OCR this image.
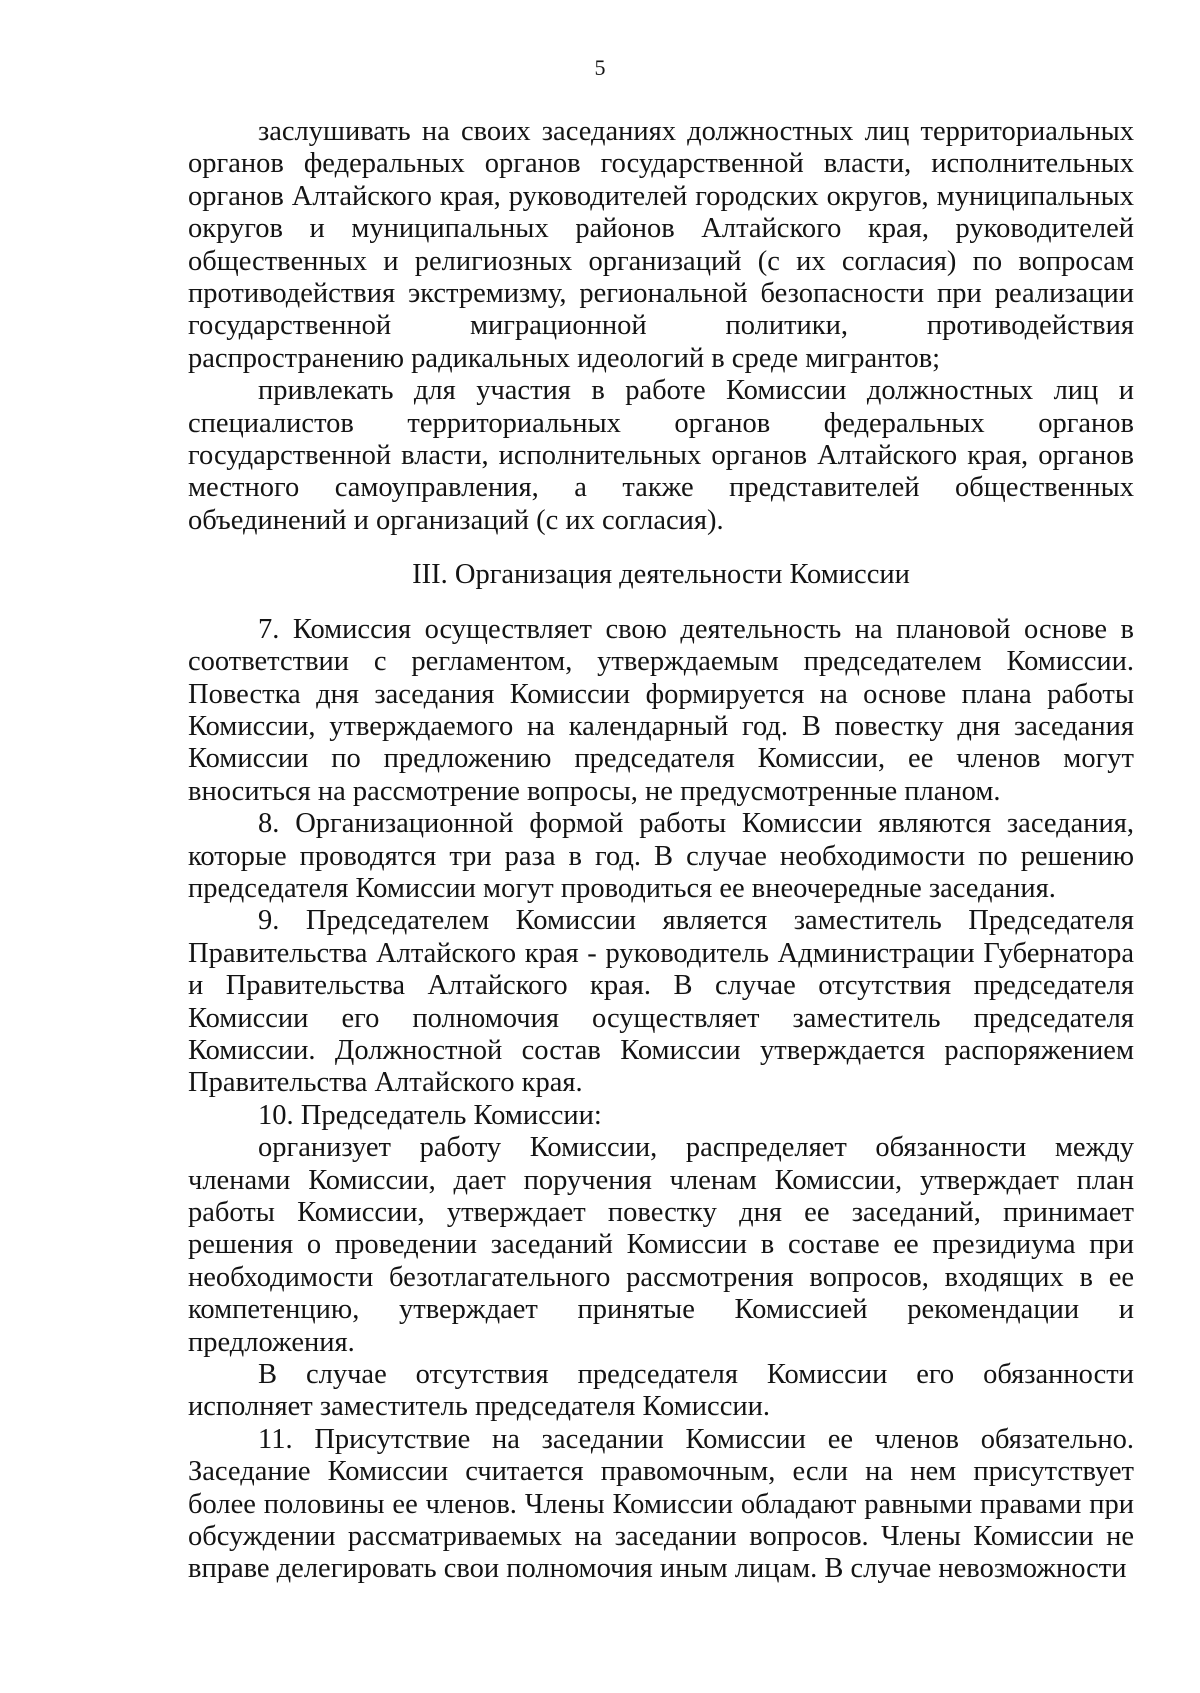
5

заслушивать на своих заседаниях должностных лиц территориальных органов федеральных органов государственной власти, исполнительных органов Алтайского края, руководителей городских округов, муниципальных округов и муниципальных районов Алтайского края, руководителей общественных и религиозных организаций (с их согласия) по вопросам противодействия экстремизму, региональной безопасности при реализации государственной миграционной политики, противодействия распространению радикальных идеологий в среде мигрантов;

привлекать для участия в работе Комиссии должностных лиц и специалистов территориальных органов федеральных органов государственной власти, исполнительных органов Алтайского края, органов местного самоуправления, а также представителей общественных объединений и организаций (с их согласия).

III. Организация деятельности Комиссии

7. Комиссия осуществляет свою деятельность на плановой основе в соответствии с регламентом, утверждаемым председателем Комиссии. Повестка дня заседания Комиссии формируется на основе плана работы Комиссии, утверждаемого на календарный год. В повестку дня заседания Комиссии по предложению председателя Комиссии, ее членов могут вноситься на рассмотрение вопросы, не предусмотренные планом.

8. Организационной формой работы Комиссии являются заседания, которые проводятся три раза в год. В случае необходимости по решению председателя Комиссии могут проводиться ее внеочередные заседания.

9. Председателем Комиссии является заместитель Председателя Правительства Алтайского края - руководитель Администрации Губернатора и Правительства Алтайского края. В случае отсутствия председателя Комиссии его полномочия осуществляет заместитель председателя Комиссии. Должностной состав Комиссии утверждается распоряжением Правительства Алтайского края.

10. Председатель Комиссии:

организует работу Комиссии, распределяет обязанности между членами Комиссии, дает поручения членам Комиссии, утверждает план работы Комиссии, утверждает повестку дня ее заседаний, принимает решения о проведении заседаний Комиссии в составе ее президиума при необходимости безотлагательного рассмотрения вопросов, входящих в ее компетенцию, утверждает принятые Комиссией рекомендации и предложения.

В случае отсутствия председателя Комиссии его обязанности исполняет заместитель председателя Комиссии.

11. Присутствие на заседании Комиссии ее членов обязательно. Заседание Комиссии считается правомочным, если на нем присутствует более половины ее членов. Члены Комиссии обладают равными правами при обсуждении рассматриваемых на заседании вопросов. Члены Комиссии не вправе делегировать свои полномочия иным лицам. В случае невозможности
